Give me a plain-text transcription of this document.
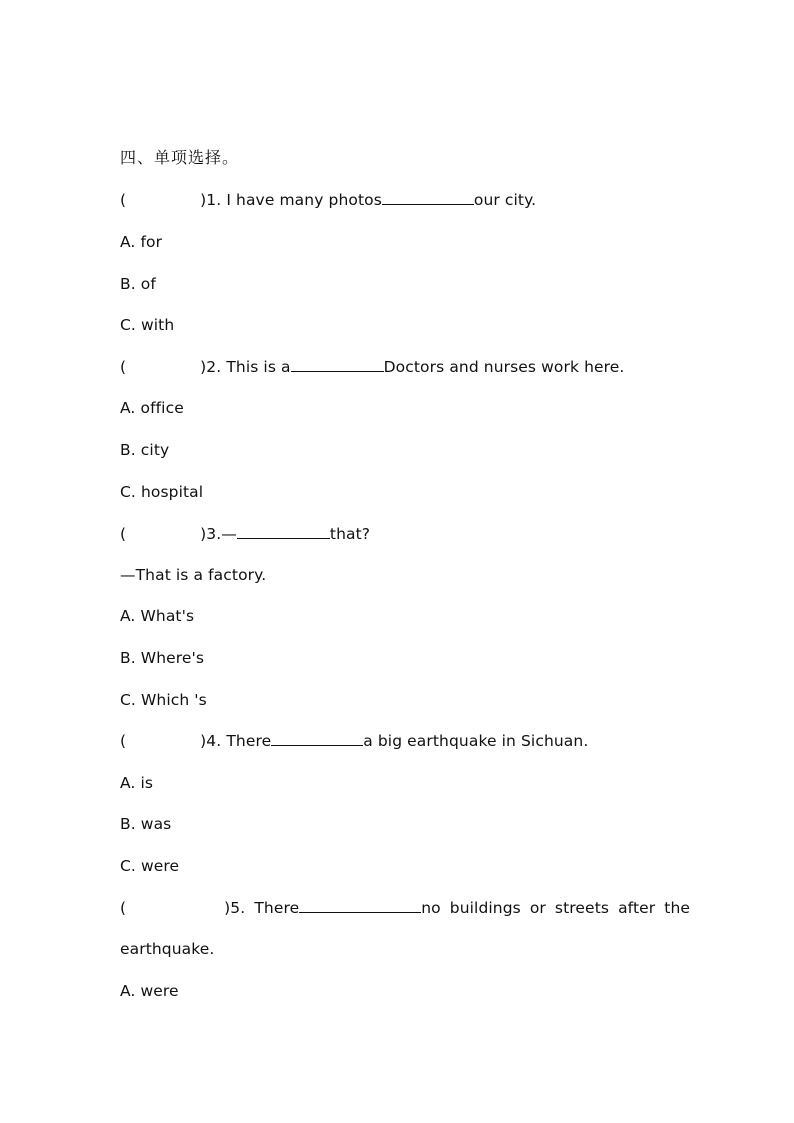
四、单项选择。
(	)1. I have many photos	our city.
A. for
B. of
C. with
(	)2. This is a	Doctors and nurses work here.
A. office
B. city
C. hospital
(	)3.—	that?
—That is a factory.
A. What's
B. Where's
C. Which 's
(	)4. There	a big earthquake in Sichuan.
A. is
B. was
C. were
(	)5. There	no buildings or streets after the
earthquake.
A. were
